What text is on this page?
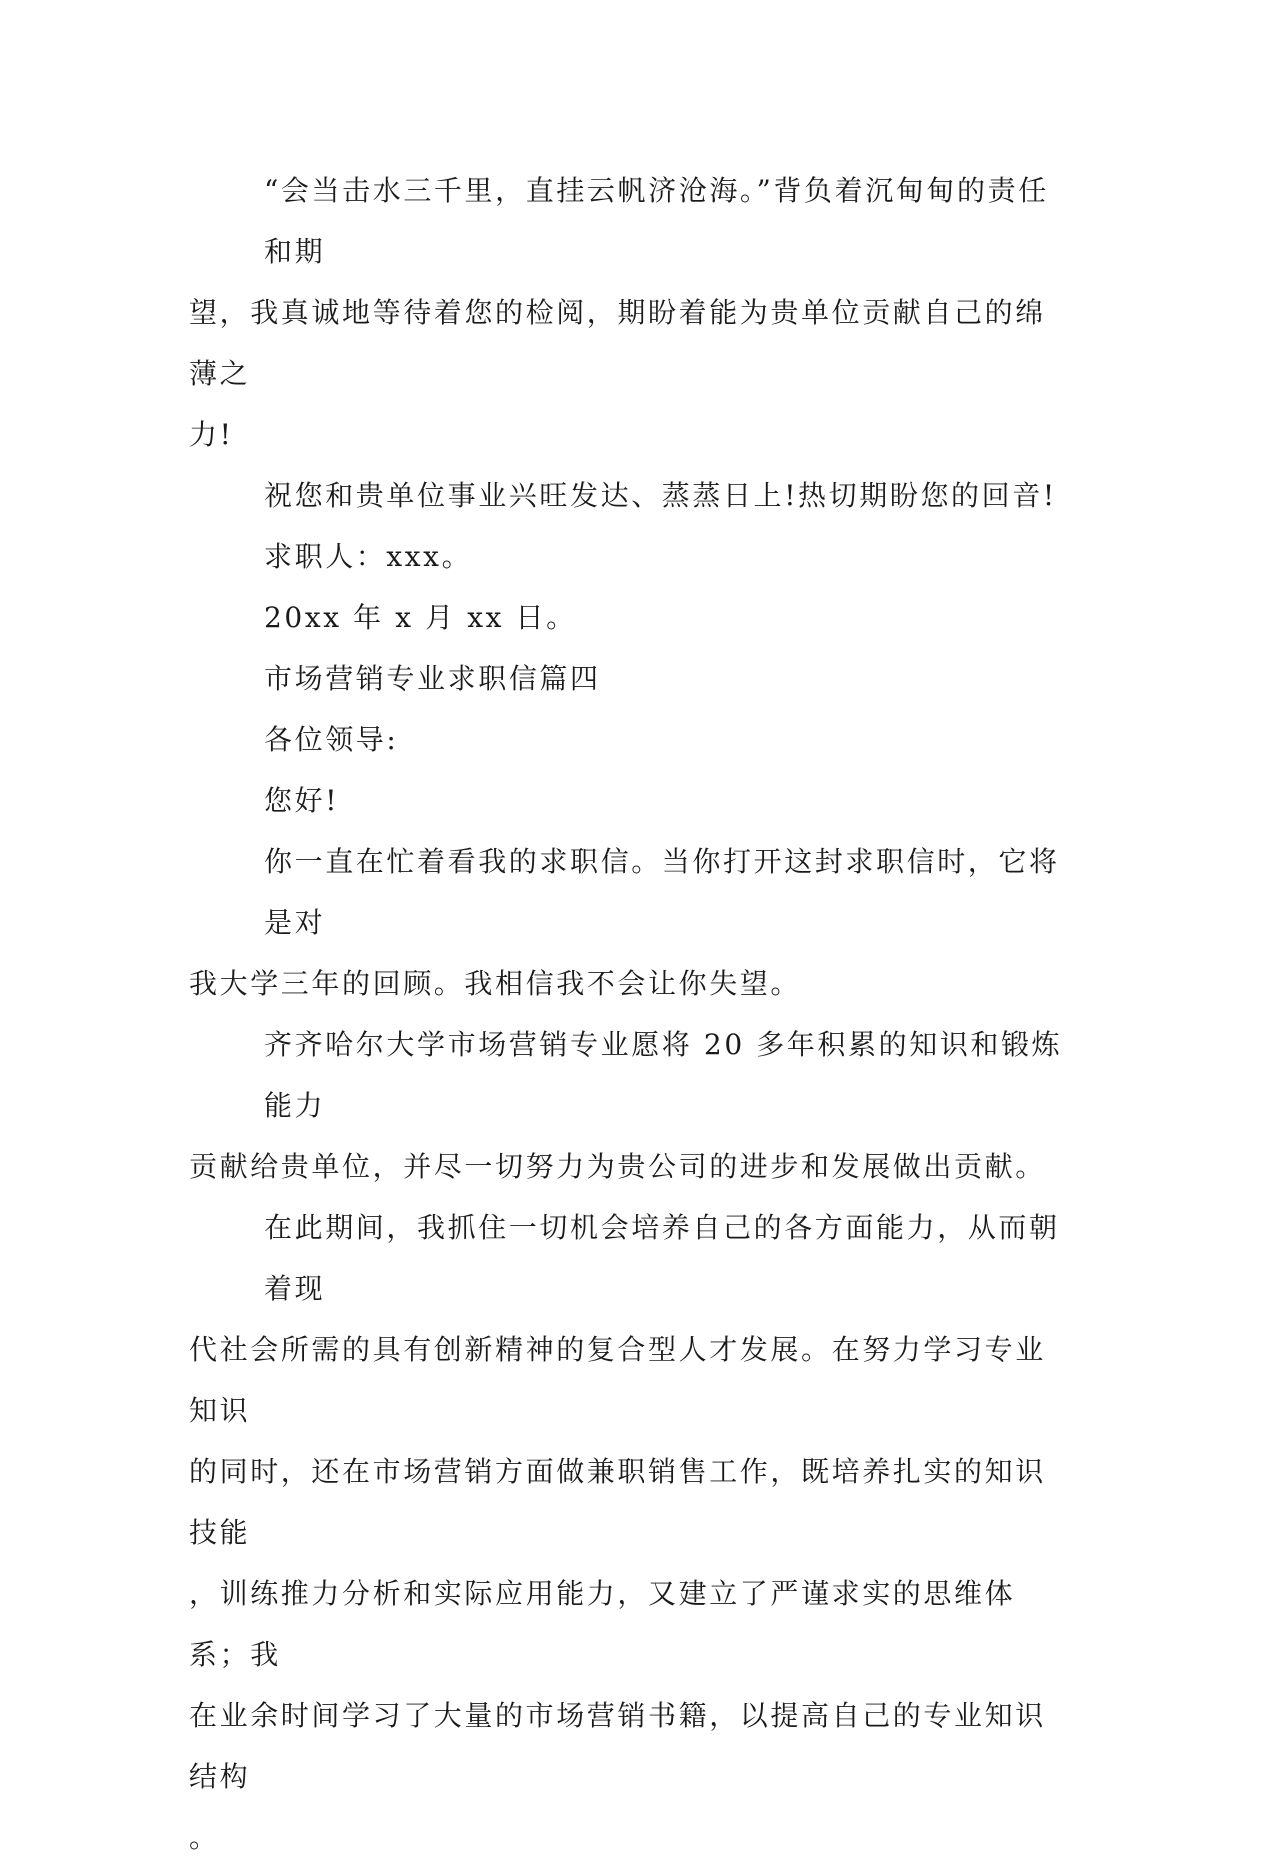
“会当击水三千里，直挂云帆济沧海。”背负着沉甸甸的责任和期

望，我真诚地等待着您的检阅，期盼着能为贵单位贡献自己的绵薄之

力!

祝您和贵单位事业兴旺发达、蒸蒸日上!热切期盼您的回音!

求职人：xxx。

20xx 年 x 月 xx 日。

市场营销专业求职信篇四

各位领导:

您好!

你一直在忙着看我的求职信。当你打开这封求职信时，它将是对

我大学三年的回顾。我相信我不会让你失望。

齐齐哈尔大学市场营销专业愿将 20 多年积累的知识和锻炼能力

贡献给贵单位，并尽一切努力为贵公司的进步和发展做出贡献。

在此期间，我抓住一切机会培养自己的各方面能力，从而朝着现

代社会所需的具有创新精神的复合型人才发展。在努力学习专业知识

的同时，还在市场营销方面做兼职销售工作，既培养扎实的知识技能

，训练推力分析和实际应用能力，又建立了严谨求实的思维体系；我

在业余时间学习了大量的市场营销书籍，以提高自己的专业知识结构

。
